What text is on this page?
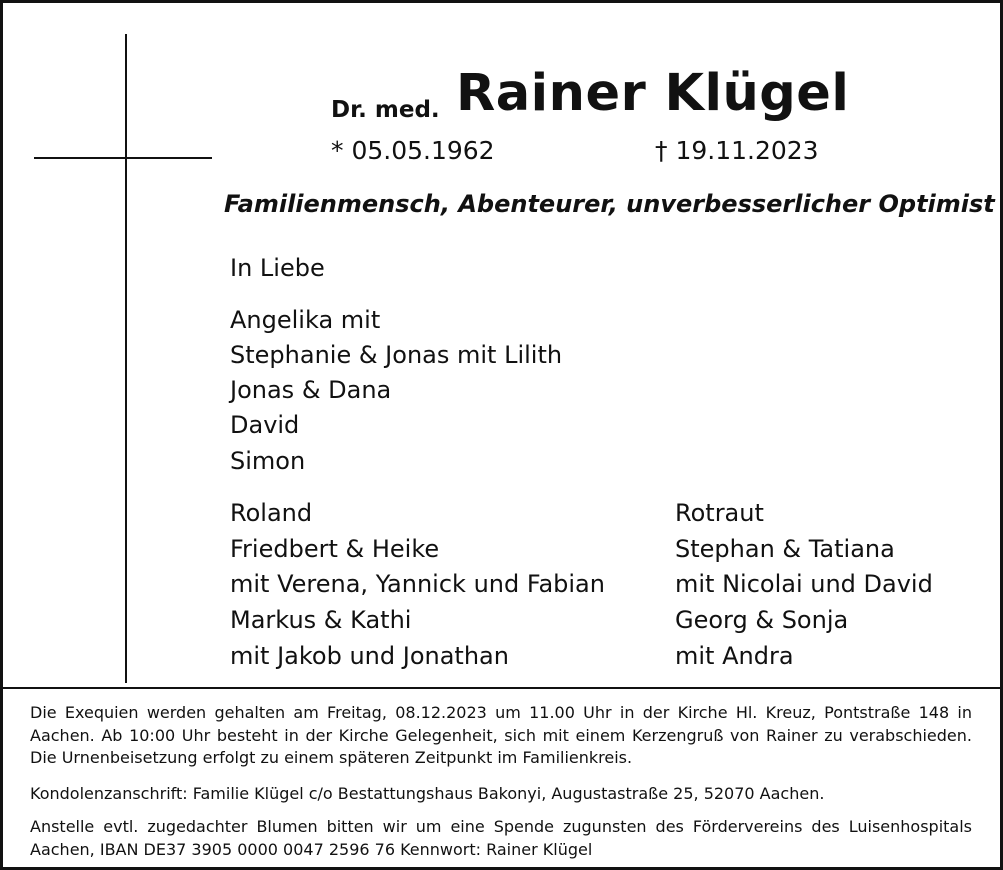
Dr. med. Rainer Klügel
* 05.05.1962	† 19.11.2023
Familienmensch, Abenteurer, unverbesserlicher Optimist
In Liebe
Angelika mit
Stephanie & Jonas mit Lilith
Jonas & Dana
David
Simon
Roland
Friedbert & Heike
mit Verena, Yannick und Fabian
Markus & Kathi
mit Jakob und Jonathan
Rotraut
Stephan & Tatiana
mit Nicolai und David
Georg & Sonja
mit Andra
Die Exequien werden gehalten am Freitag, 08.12.2023 um 11.00 Uhr in der Kirche Hl. Kreuz, Pontstraße 148 in Aachen. Ab 10:00 Uhr besteht in der Kirche Gelegenheit, sich mit einem Kerzengruß von Rainer zu verabschieden. Die Urnenbeisetzung erfolgt zu einem späteren Zeitpunkt im Familienkreis.
Kondolenzanschrift: Familie Klügel c/o Bestattungshaus Bakonyi, Augustastraße 25, 52070 Aachen.
Anstelle evtl. zugedachter Blumen bitten wir um eine Spende zugunsten des Fördervereins des Luisenhospitals Aachen, IBAN DE37 3905 0000 0047 2596 76 Kennwort: Rainer Klügel
